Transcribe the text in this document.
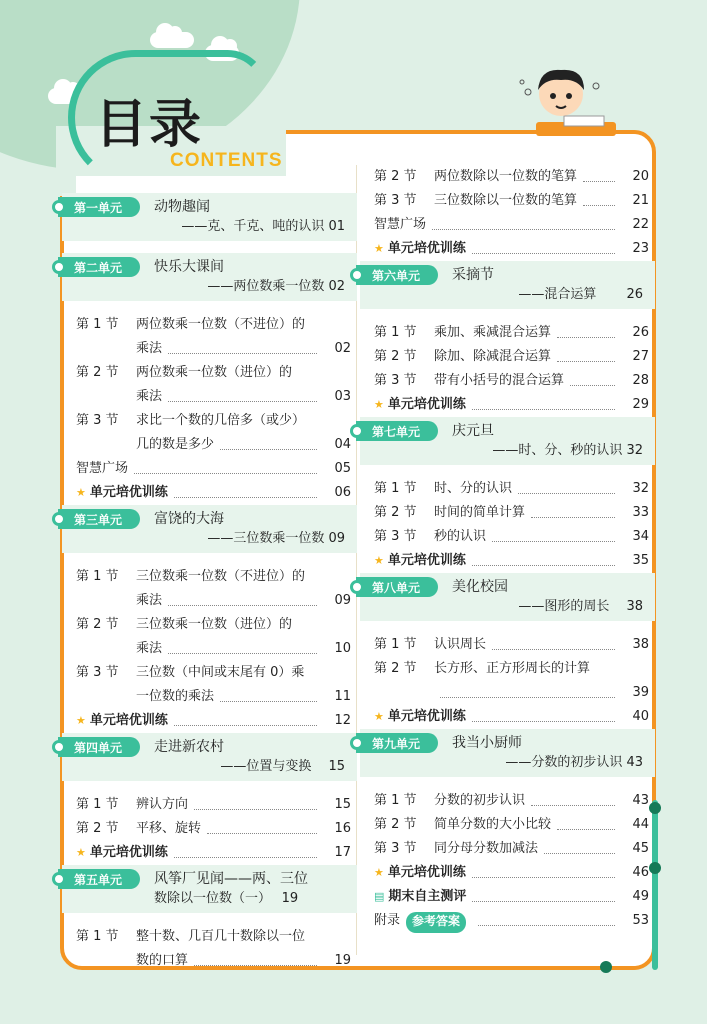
目录
CONTENTS
第一单元 动物趣闻
——克、千克、吨的认识 01
第二单元 快乐大课间
——两位数乘一位数 02
第 1 节	两位数乘一位数（不进位）的
乘法	02
第 2 节	两位数乘一位数（进位）的
乘法	03
第 3 节	求比一个数的几倍多（或少）
几的数是多少	04
智慧广场	05
★ 单元培优训练	06
第三单元 富饶的大海
——三位数乘一位数 09
第 1 节	三位数乘一位数（不进位）的
乘法	09
第 2 节	三位数乘一位数（进位）的
乘法	10
第 3 节	三位数（中间或末尾有 0）乘
一位数的乘法	11
★ 单元培优训练	12
第四单元 走进新农村
——位置与变换　 15
第 1 节	辨认方向	15
第 2 节	平移、旋转	16
★ 单元培优训练	17
第五单元 风筝厂见闻——两、三位
数除以一位数（一）　 19
第 1 节	整十数、几百几十数除以一位
数的口算	19
第 2 节	两位数除以一位数的笔算	20
第 3 节	三位数除以一位数的笔算	21
智慧广场	22
★ 单元培优训练	23
第六单元 采摘节
——混合运算　　 26
第 1 节	乘加、乘减混合运算	26
第 2 节	除加、除减混合运算	27
第 3 节	带有小括号的混合运算	28
★ 单元培优训练	29
第七单元 庆元旦
——时、分、秒的认识 32
第 1 节	时、分的认识	32
第 2 节	时间的简单计算	33
第 3 节	秒的认识	34
★ 单元培优训练	35
第八单元 美化校园
——图形的周长　 38
第 1 节	认识周长	38
第 2 节	长方形、正方形周长的计算
39
★ 单元培优训练	40
第九单元 我当小厨师
——分数的初步认识 43
第 1 节	分数的初步认识	43
第 2 节	简单分数的大小比较	44
第 3 节	同分母分数加减法	45
★ 单元培优训练	46
▤ 期末自主测评	49
附录	参考答案	53
